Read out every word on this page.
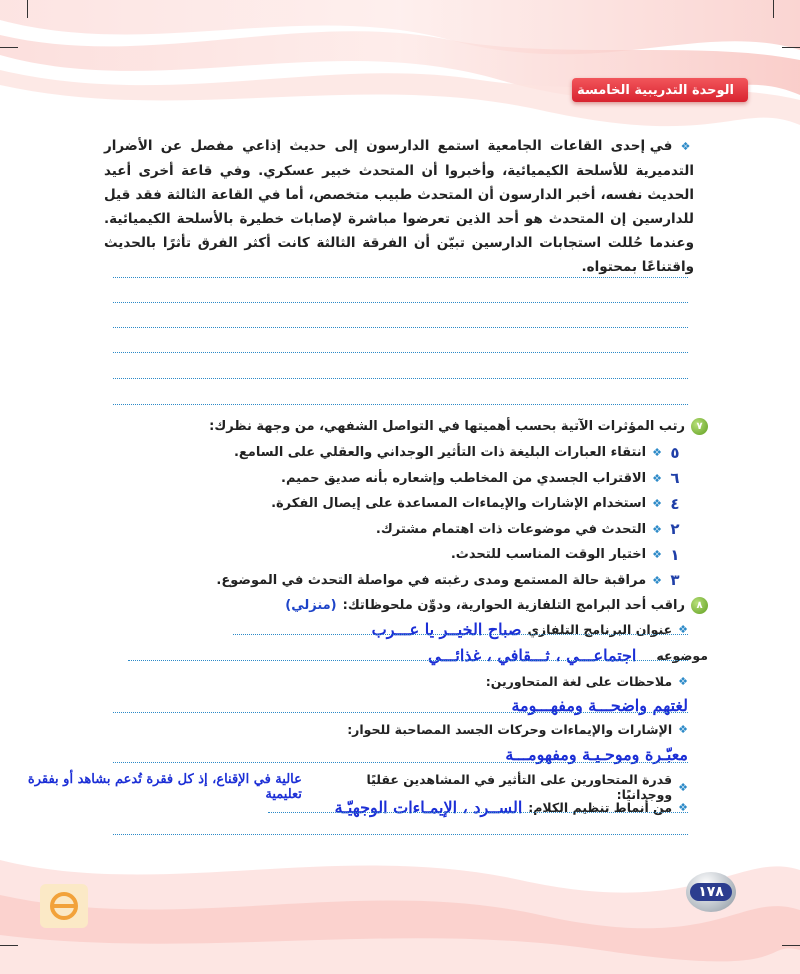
الوحدة التدريبية الخامسة
❖ في إحدى القاعات الجامعية استمع الدارسون إلى حديث إذاعي مفصل عن الأضرار التدميرية للأسلحة الكيميائية، وأخبروا أن المتحدث خبير عسكري. وفي قاعة أخرى أعيد الحديث نفسه، أخبر الدارسون أن المتحدث طبيب متخصص، أما في القاعة الثالثة فقد قيل للدارسين إن المتحدث هو أحد الذين تعرضوا مباشرة لإصابات خطيرة بالأسلحة الكيميائية. وعندما حُللت استجابات الدارسين تبيّن أن الفرقة الثالثة كانت أكثر الفرق تأثرًا بالحديث واقتناعًا بمحتواه.
٧
رتب المؤثرات الآتية بحسب أهميتها في التواصل الشفهي، من وجهة نظرك:
٥
❖
انتقاء العبارات البليغة ذات التأثير الوجداني والعقلي على السامع.
٦
❖
الاقتراب الجسدي من المخاطب وإشعاره بأنه صديق حميم.
٤
❖
استخدام الإشارات والإيماءات المساعدة على إيصال الفكرة.
٢
❖
التحدث في موضوعات ذات اهتمام مشترك.
١
❖
اختيار الوقت المناسب للتحدث.
٣
❖
مراقبة حالة المستمع ومدى رغبته في مواصلة التحدث في الموضوع.
٨
راقب أحد البرامج التلفازية الحوارية، ودوِّن ملحوظاتك:
(منزلي)
❖
عنوان البرنامج التلفازي
صباح الخيــر يا عـــرب
موضوعه
اجتماعـــي ، ثـــقافي ، غذائـــي
❖
ملاحظات على لغة المتحاورين:
لغتهم واضحـــة ومفهـــومة
❖
الإشارات والإيماءات وحركات الجسد المصاحبة للحوار:
معبّـرة وموحـيـة ومفهومـــة
❖
قدرة المتحاورين على التأثير في المشاهدين عقليًا ووجدانيًا:
عالية في الإقناع، إذ كل فقرة تُدعم بشاهد أو بفقرة تعليمية
❖
من أنماط تنظيم الكلام:
الســرد ، الإيمـاءات الوجهيّـة
١٧٨
